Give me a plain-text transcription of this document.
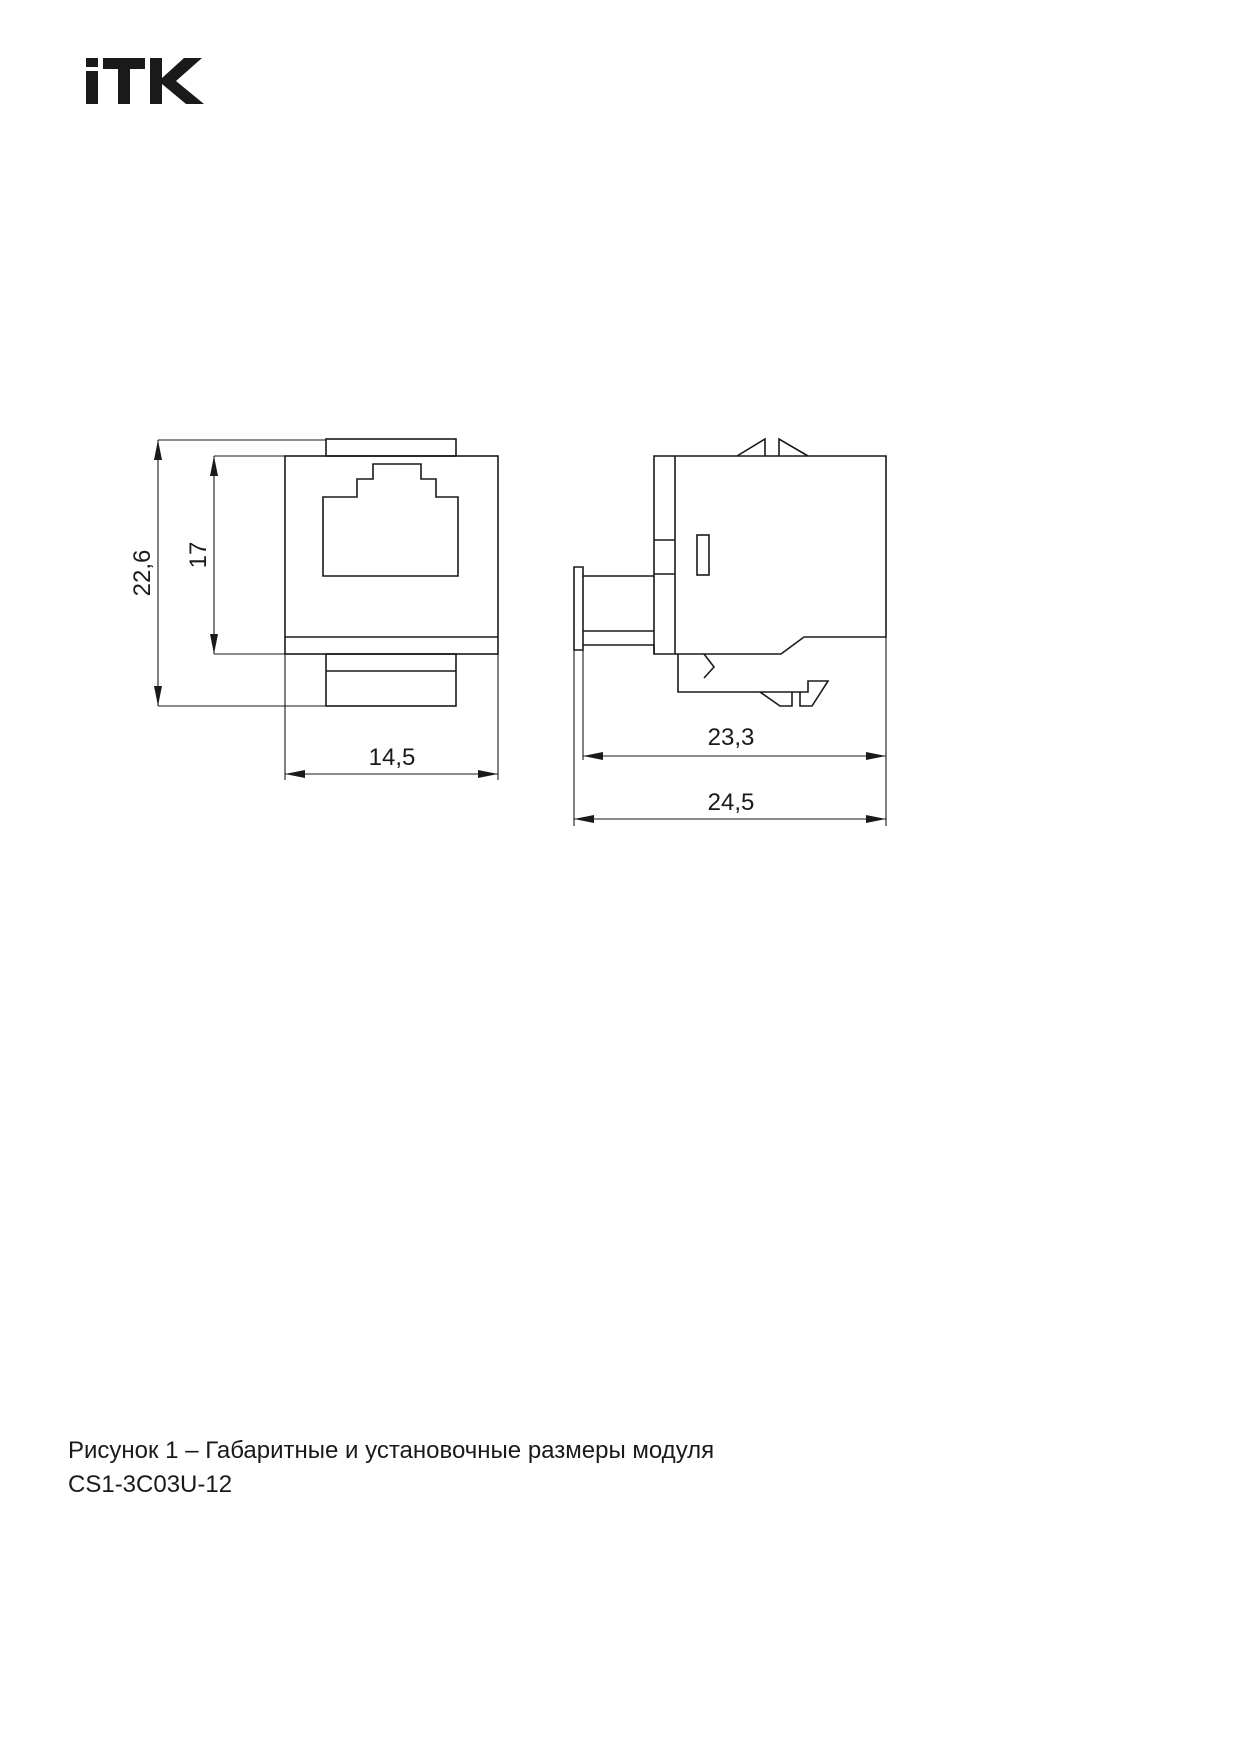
22,6 17
14,5
23,3
24,5
Рисунок 1 – Габаритные и установочные размеры модуля
CS1-3C03U-12
